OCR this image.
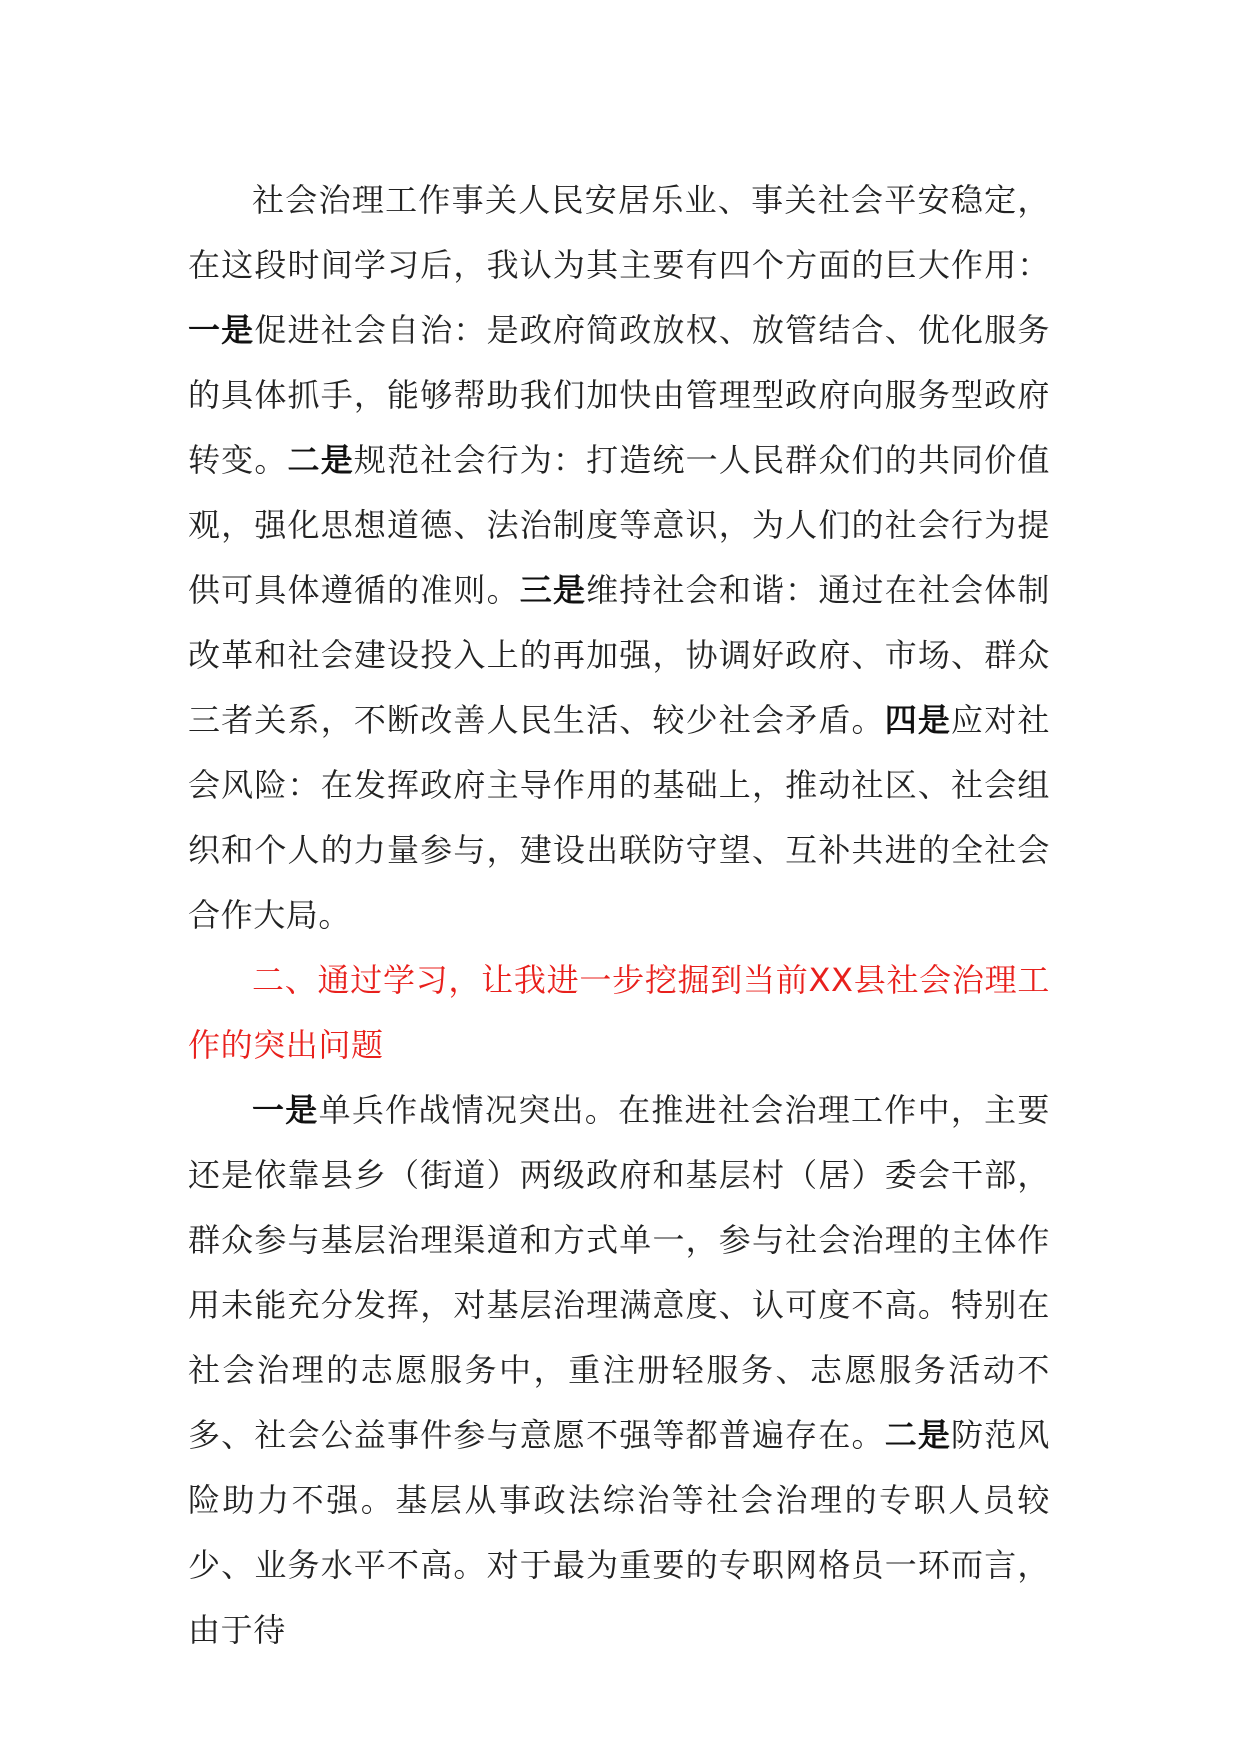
社会治理工作事关人民安居乐业、事关社会平安稳定，在这段时间学习后，我认为其主要有四个方面的巨大作用：一是促进社会自治：是政府简政放权、放管结合、优化服务的具体抓手，能够帮助我们加快由管理型政府向服务型政府转变。二是规范社会行为：打造统一人民群众们的共同价值观，强化思想道德、法治制度等意识，为人们的社会行为提供可具体遵循的准则。三是维持社会和谐：通过在社会体制改革和社会建设投入上的再加强，协调好政府、市场、群众三者关系，不断改善人民生活、较少社会矛盾。四是应对社会风险：在发挥政府主导作用的基础上，推动社区、社会组织和个人的力量参与，建设出联防守望、互补共进的全社会合作大局。

二、通过学习，让我进一步挖掘到当前XX县社会治理工作的突出问题

一是单兵作战情况突出。在推进社会治理工作中，主要还是依靠县乡（街道）两级政府和基层村（居）委会干部，群众参与基层治理渠道和方式单一，参与社会治理的主体作用未能充分发挥，对基层治理满意度、认可度不高。特别在社会治理的志愿服务中，重注册轻服务、志愿服务活动不多、社会公益事件参与意愿不强等都普遍存在。二是防范风险助力不强。基层从事政法综治等社会治理的专职人员较少、业务水平不高。对于最为重要的专职网格员一环而言，由于待
